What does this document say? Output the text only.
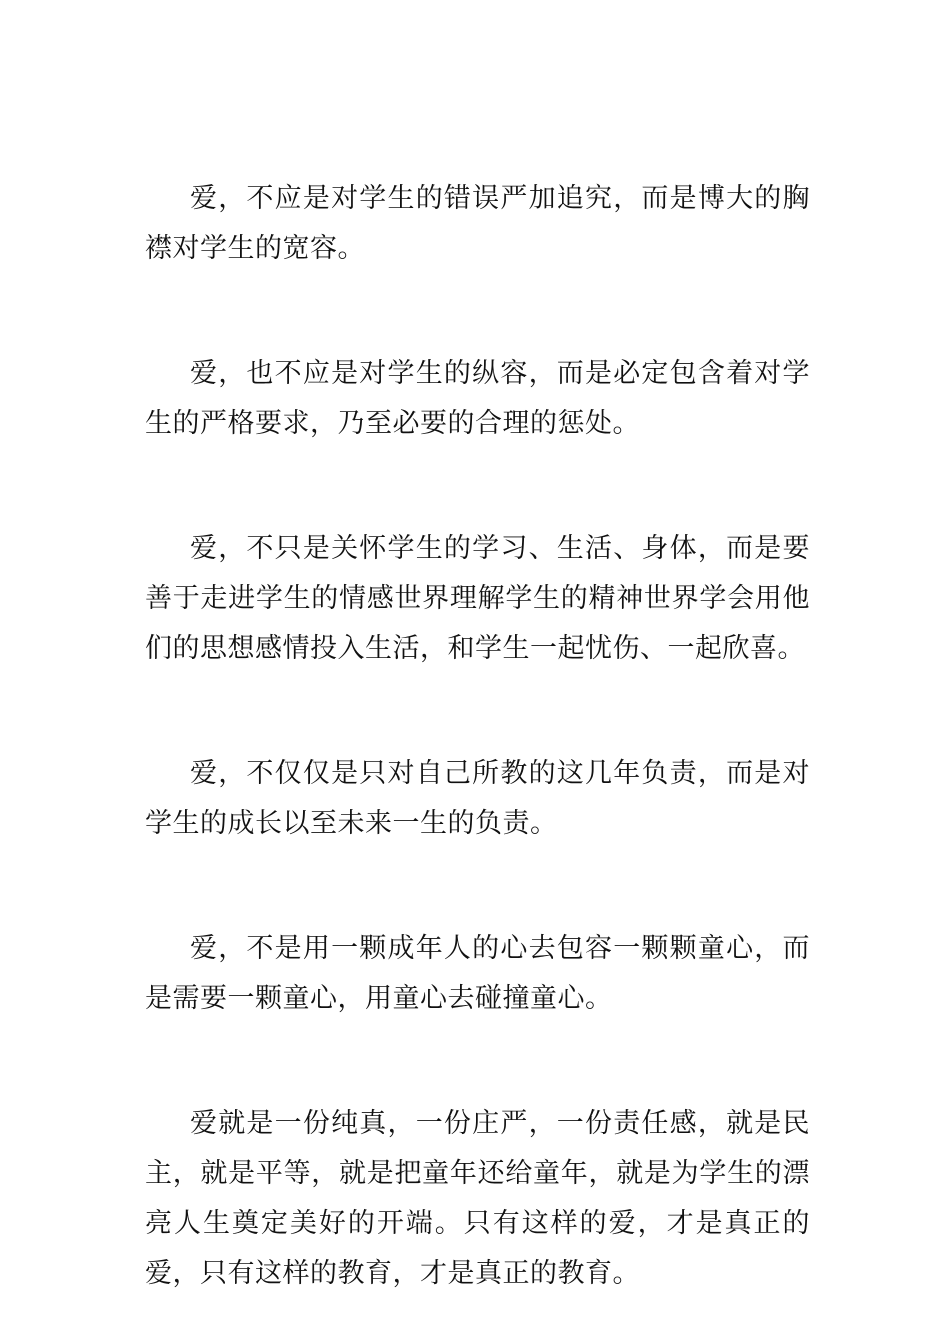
爱，不应是对学生的错误严加追究，而是博大的胸襟对学生的宽容。

爱，也不应是对学生的纵容，而是必定包含着对学生的严格要求，乃至必要的合理的惩处。

爱，不只是关怀学生的学习、生活、身体，而是要善于走进学生的情感世界理解学生的精神世界学会用他们的思想感情投入生活，和学生一起忧伤、一起欣喜。

爱，不仅仅是只对自己所教的这几年负责，而是对学生的成长以至未来一生的负责。

爱，不是用一颗成年人的心去包容一颗颗童心，而是需要一颗童心，用童心去碰撞童心。

爱就是一份纯真，一份庄严，一份责任感，就是民主，就是平等，就是把童年还给童年，就是为学生的漂亮人生奠定美好的开端。只有这样的爱，才是真正的爱，只有这样的教育，才是真正的教育。
